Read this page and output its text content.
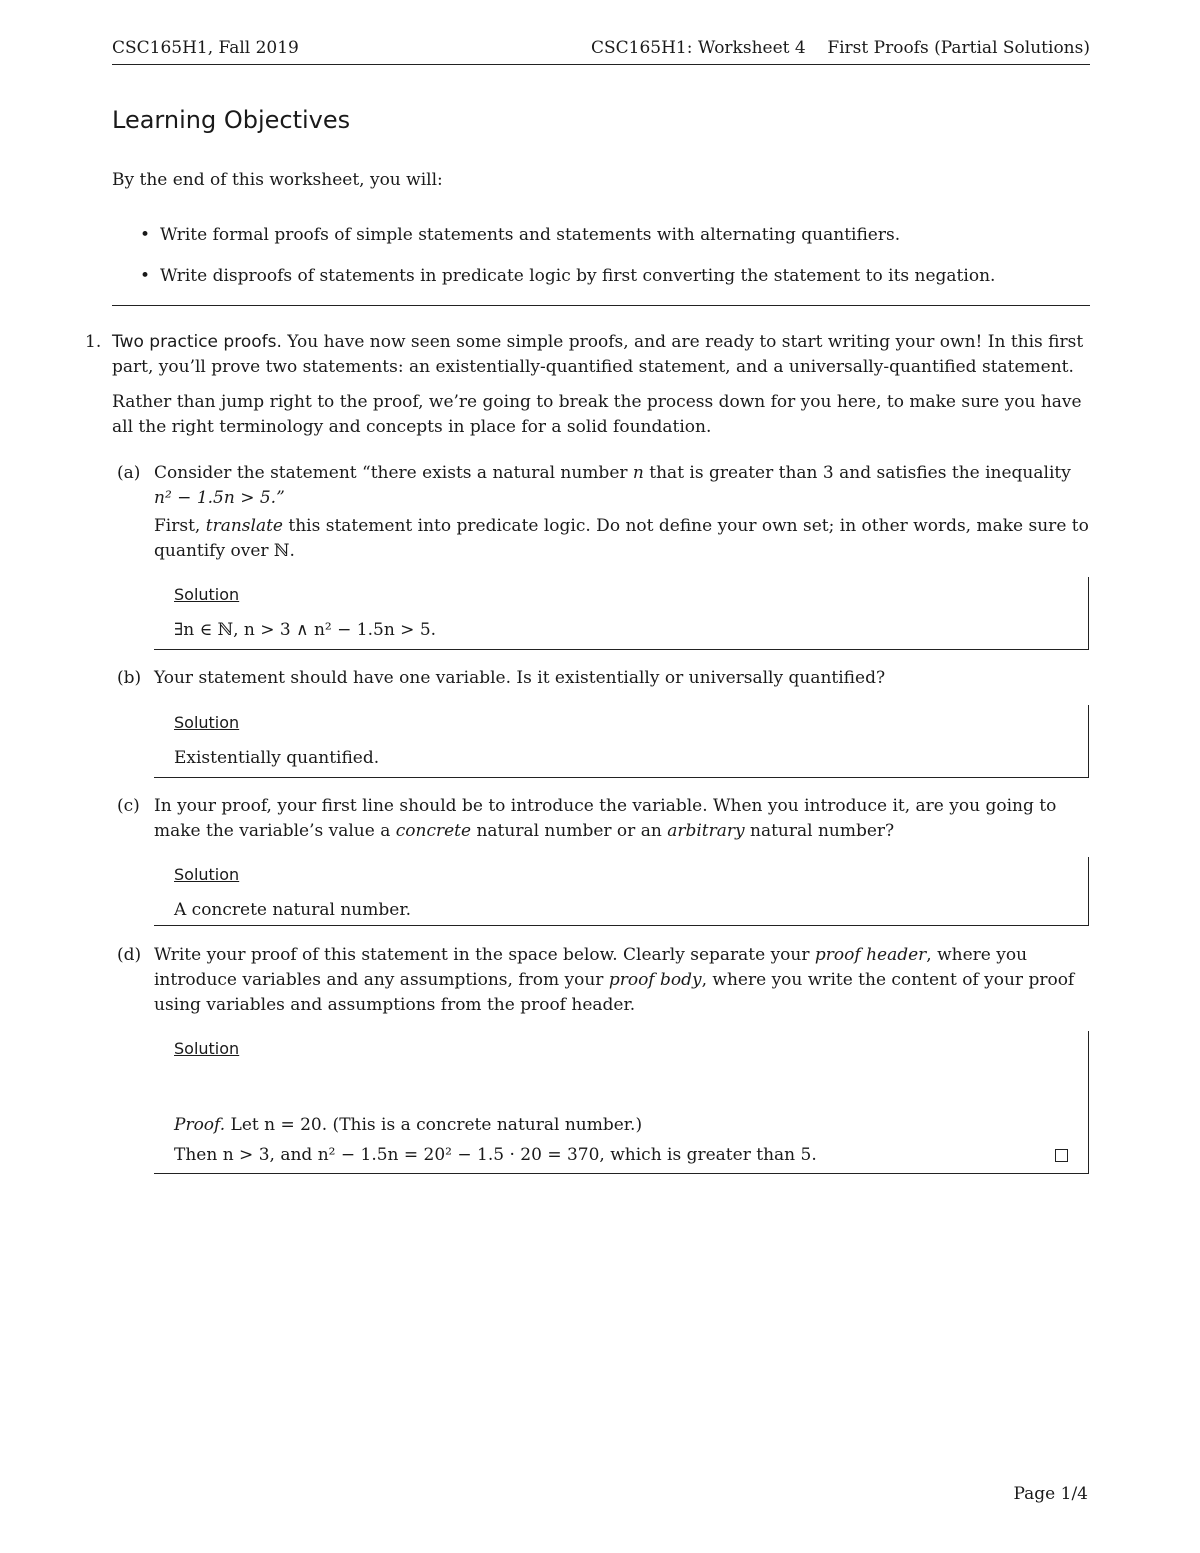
CSC165H1, Fall 2019	CSC165H1: Worksheet 4    First Proofs (Partial Solutions)
Learning Objectives
By the end of this worksheet, you will:
• Write formal proofs of simple statements and statements with alternating quantifiers.
• Write disproofs of statements in predicate logic by first converting the statement to its negation.
1. Two practice proofs. You have now seen some simple proofs, and are ready to start writing your own! In this first part, you’ll prove two statements: an existentially-quantified statement, and a universally-quantified statement.
Rather than jump right to the proof, we’re going to break the process down for you here, to make sure you have all the right terminology and concepts in place for a solid foundation.
(a) Consider the statement “there exists a natural number n that is greater than 3 and satisfies the inequality n² − 1.5n > 5.”
First, translate this statement into predicate logic. Do not define your own set; in other words, make sure to quantify over ℕ.
Solution
∃n ∈ ℕ, n > 3 ∧ n² − 1.5n > 5.
(b) Your statement should have one variable. Is it existentially or universally quantified?
Solution
Existentially quantified.
(c) In your proof, your first line should be to introduce the variable. When you introduce it, are you going to make the variable’s value a concrete natural number or an arbitrary natural number?
Solution
A concrete natural number.
(d) Write your proof of this statement in the space below. Clearly separate your proof header, where you introduce variables and any assumptions, from your proof body, where you write the content of your proof using variables and assumptions from the proof header.
Solution
Proof. Let n = 20. (This is a concrete natural number.)
Then n > 3, and n² − 1.5n = 20² − 1.5 · 20 = 370, which is greater than 5.
Page 1/4
